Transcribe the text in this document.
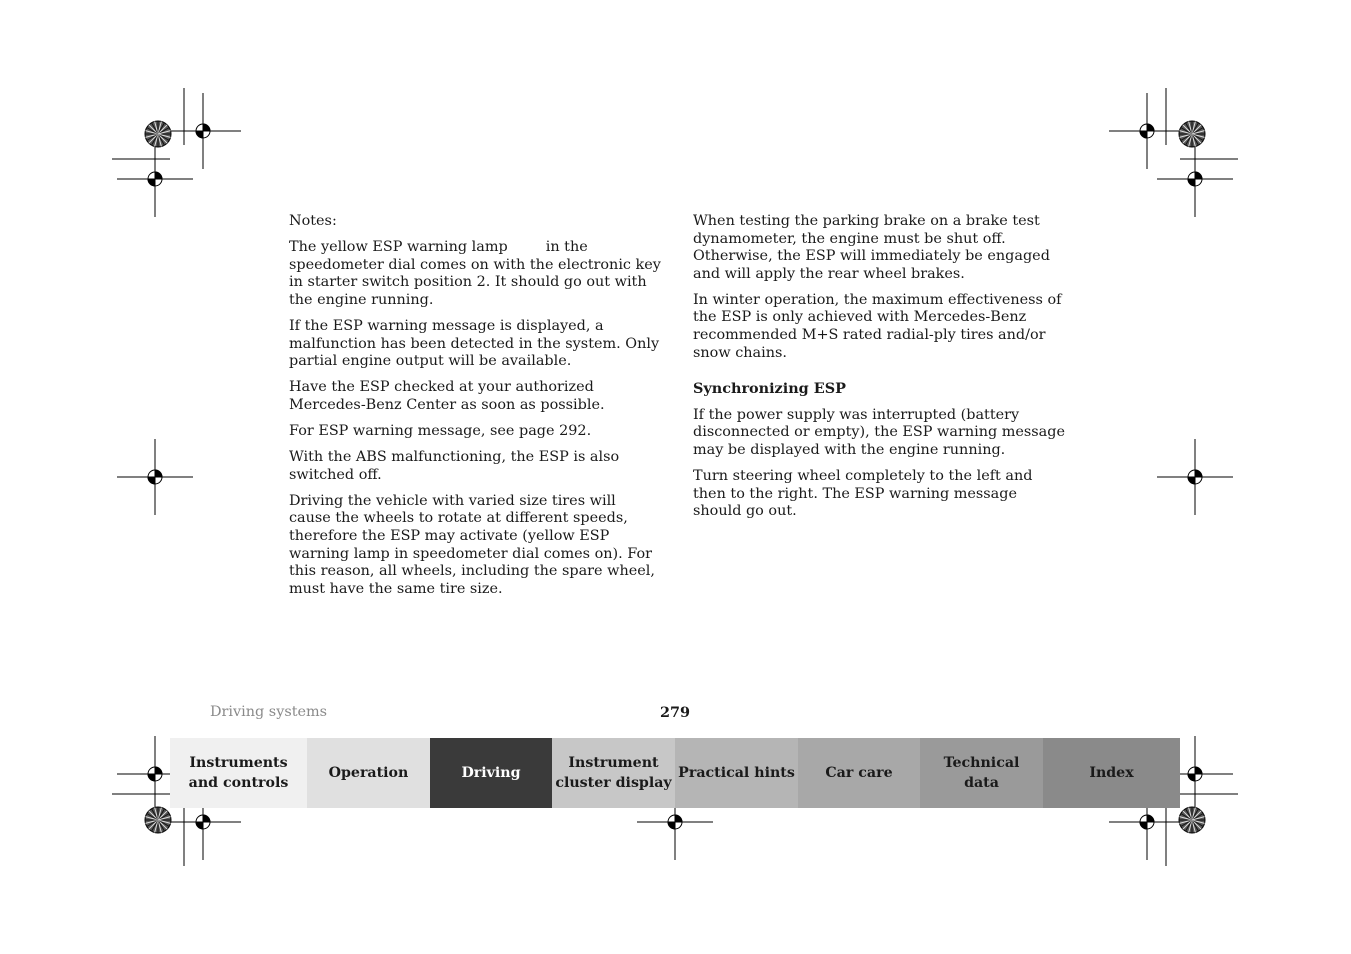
Notes:

The yellow ESP warning lamp	in the speedometer dial comes on with the electronic key in starter switch position 2. It should go out with the engine running.

If the ESP warning message is displayed, a malfunction has been detected in the system. Only partial engine output will be available.

Have the ESP checked at your authorized Mercedes-Benz Center as soon as possible.

For ESP warning message, see page 292.

With the ABS malfunctioning, the ESP is also switched off.

Driving the vehicle with varied size tires will cause the wheels to rotate at different speeds, therefore the ESP may activate (yellow ESP warning lamp in speedometer dial comes on). For this reason, all wheels, including the spare wheel, must have the same tire size.

When testing the parking brake on a brake test dynamometer, the engine must be shut off. Otherwise, the ESP will immediately be engaged and will apply the rear wheel brakes.

In winter operation, the maximum effectiveness of the ESP is only achieved with Mercedes-Benz recommended M+S rated radial-ply tires and/or snow chains.

Synchronizing ESP

If the power supply was interrupted (battery disconnected or empty), the ESP warning message may be displayed with the engine running.

Turn steering wheel completely to the left and then to the right. The ESP warning message should go out.

Driving systems	279
Instruments
and controls
Operation	Driving
Instrument
cluster display
Practical hints Car care
Technical
data
Index
